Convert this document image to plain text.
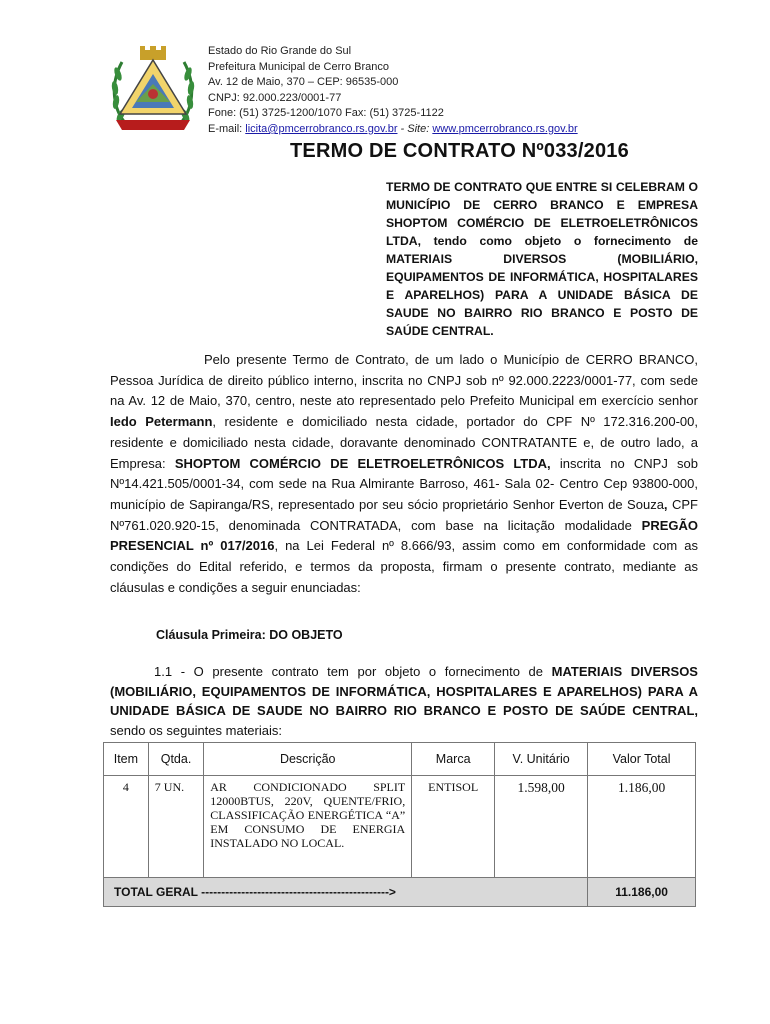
Estado do Rio Grande do Sul
Prefeitura Municipal de Cerro Branco
Av. 12 de Maio, 370 – CEP: 96535-000
CNPJ: 92.000.223/0001-77
Fone: (51) 3725-1200/1070 Fax: (51) 3725-1122
E-mail: licita@pmcerrobranco.rs.gov.br - Site: www.pmcerrobranco.rs.gov.br
TERMO DE CONTRATO Nº033/2016
TERMO DE CONTRATO QUE ENTRE SI CELEBRAM O MUNICÍPIO DE CERRO BRANCO E EMPRESA SHOPTOM COMÉRCIO DE ELETROELETRÔNICOS LTDA, tendo como objeto o fornecimento de MATERIAIS DIVERSOS (MOBILIÁRIO, EQUIPAMENTOS DE INFORMÁTICA, HOSPITALARES E APARELHOS) PARA A UNIDADE BÁSICA DE SAUDE NO BAIRRO RIO BRANCO E POSTO DE SAÚDE CENTRAL.
Pelo presente Termo de Contrato, de um lado o Município de CERRO BRANCO, Pessoa Jurídica de direito público interno, inscrita no CNPJ sob nº 92.000.2223/0001-77, com sede na Av. 12 de Maio, 370, centro, neste ato representado pelo Prefeito Municipal em exercício senhor Iedo Petermann, residente e domiciliado nesta cidade, portador do CPF Nº 172.316.200-00, residente e domiciliado nesta cidade, doravante denominado CONTRATANTE e, de outro lado, a Empresa: SHOPTOM COMÉRCIO DE ELETROELETRÔNICOS LTDA, inscrita no CNPJ sob Nº14.421.505/0001-34, com sede na Rua Almirante Barroso, 461- Sala 02- Centro Cep 93800-000, município de Sapiranga/RS, representado por seu sócio proprietário Senhor Everton de Souza, CPF Nº761.020.920-15, denominada CONTRATADA, com base na licitação modalidade PREGÃO PRESENCIAL nº 017/2016, na Lei Federal nº 8.666/93, assim como em conformidade com as condições do Edital referido, e termos da proposta, firmam o presente contrato, mediante as cláusulas e condições a seguir enunciadas:
Cláusula Primeira: DO OBJETO
1.1 - O presente contrato tem por objeto o fornecimento de MATERIAIS DIVERSOS (MOBILIÁRIO, EQUIPAMENTOS DE INFORMÁTICA, HOSPITALARES E APARELHOS) PARA A UNIDADE BÁSICA DE SAUDE NO BAIRRO RIO BRANCO E POSTO DE SAÚDE CENTRAL, sendo os seguintes materiais:
Item	Qtda.	Descrição	Marca	V. Unitário	Valor Total
4	7 UN.	AR CONDICIONADO SPLIT 12000BTUS, 220V, QUENTE/FRIO, CLASSIFICAÇÃO ENERGÉTICA “A” EM CONSUMO DE ENERGIA INSTALADO NO LOCAL.	ENTISOL	1.598,00	1.186,00
TOTAL GERAL ----------------------------------------------->					11.186,00
